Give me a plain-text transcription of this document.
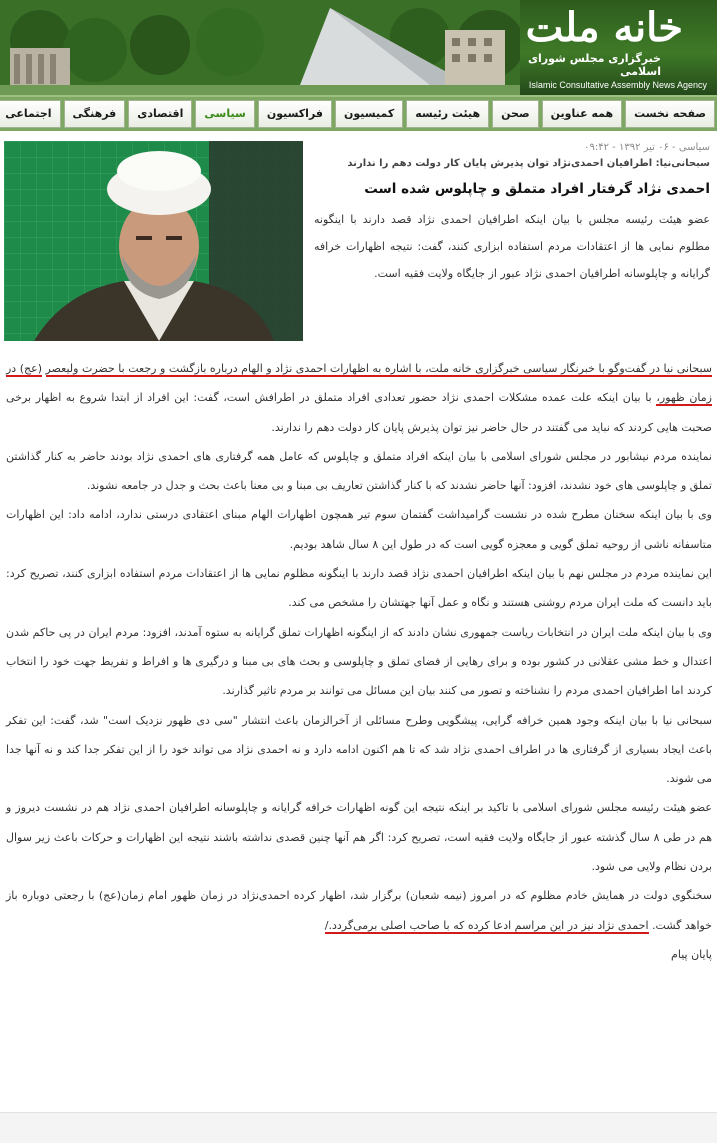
خانه ملت
خبرگزاری مجلس شورای اسلامی
Islamic Consultative Assembly News Agency
صفحه نخست
همه عناوین
صحن
هیئت رئیسه
کمیسیون
فراکسیون
سیاسی
اقتصادی
فرهنگی
اجتماعی
سیاسی - ۰۶ تیر ۱۳۹۲ - ۰۹:۴۲
سبحانی‌نیا: اطرافیان احمدی‌نژاد توان پذیرش پایان کار دولت دهم را ندارند
احمدی نژاد گرفتار افراد متملق و چاپلوس شده است
عضو هیئت رئیسه مجلس با بیان اینکه اطرافیان احمدی نژاد قصد دارند با اینگونه مطلوم نمایی ها از اعتقادات مردم استفاده ابزاری کنند، گفت: نتیجه اظهارات خرافه گرایانه و چاپلوسانه اطرافیان احمدی نژاد عبور از جایگاه ولایت فقیه است.

سبحانی نیا در گفت‌وگو با خبرنگار سیاسی خبرگزاری خانه ملت، با اشاره به اظهارات احمدی نژاد و الهام درباره بازگشت و رجعت با حضرت ولیعصر (عج) در زمان ظهور، با بیان اینکه علت عمده مشکلات احمدی نژاد حضور تعدادی افراد متملق در اطرافش است، گفت: این افراد از ابتدا شروع به اظهار برخی صحبت هایی کردند که نباید می گفتند در حال حاضر نیز توان پذیرش پایان کار دولت دهم را ندارند.

نماینده مردم نیشابور در مجلس شورای اسلامی با بیان اینکه افراد متملق و چاپلوس که عامل همه گرفتاری های احمدی نژاد بودند حاضر به کنار گذاشتن تملق و چاپلوسی های خود نشدند، افزود: آنها حاضر نشدند که با کنار گذاشتن تعاریف بی مبنا و بی معنا باعث بحث و جدل در جامعه نشوند.

وی با بیان اینکه سخنان مطرح شده در نشست گرامیداشت گفتمان سوم تیر همچون اظهارات الهام مبنای اعتقادی درستی ندارد، ادامه داد: این اظهارات متاسفانه ناشی از روحیه تملق گویی و معجزه گویی است که در طول این ۸ سال شاهد بودیم.

این نماینده مردم در مجلس نهم با بیان اینکه اطرافیان احمدی نژاد قصد دارند با اینگونه مظلوم نمایی ها از اعتقادات مردم استفاده ابزاری کنند، تصریح کرد: باید دانست که ملت ایران مردم روشنی هستند و نگاه و عمل آنها جهتشان را مشخص می کند.

وی با بیان اینکه ملت ایران در انتخابات ریاست جمهوری نشان دادند که از اینگونه اظهارات تملق گرایانه به ستوه آمدند، افزود: مردم ایران در پی حاکم شدن اعتدال و خط مشی عقلانی در کشور بوده و برای رهایی از فضای تملق و چاپلوسی و بحث های بی مبنا و درگیری ها و افراط و تفریط جهت خود را انتخاب کردند اما اطرافیان احمدی مردم را نشناخته و تصور می کنند بیان این مسائل می توانند بر مردم تاثیر گذارند.

سبحانی نیا با بیان اینکه وجود همین خرافه گرایی، پیشگویی وطرح مسائلی از آخرالزمان باعث انتشار "سی دی ظهور نزدیک است" شد، گفت: این تفکر باعث ایجاد بسیاری از گرفتاری ها در اطراف احمدی نژاد شد که تا هم اکنون ادامه دارد و نه احمدی نژاد می تواند خود را از این تفکر جدا کند و نه آنها جدا می شوند.

عضو هیئت رئیسه مجلس شورای اسلامی با تاکید بر اینکه نتیجه این گونه اظهارات خرافه گرایانه و چاپلوسانه اطرافیان احمدی نژاد هم در نشست دیروز و هم در طی ۸ سال گذشته عبور از جایگاه ولایت فقیه است، تصریح کرد: اگر هم آنها چنین قصدی نداشته باشند نتیجه این اظهارات و حرکات باعث زیر سوال بردن نظام ولایی می شود.

سخنگوی دولت در همایش خادم مظلوم که در امروز (نیمه شعبان) برگزار شد، اظهار کرده احمدی‌نژاد در زمان ظهور امام زمان(عج) با رجعتی دوباره باز خواهد گشت. احمدی نژاد نیز در این مراسم ادعا کرده که با صاحب اصلی برمی‌گردد./

پایان پیام
